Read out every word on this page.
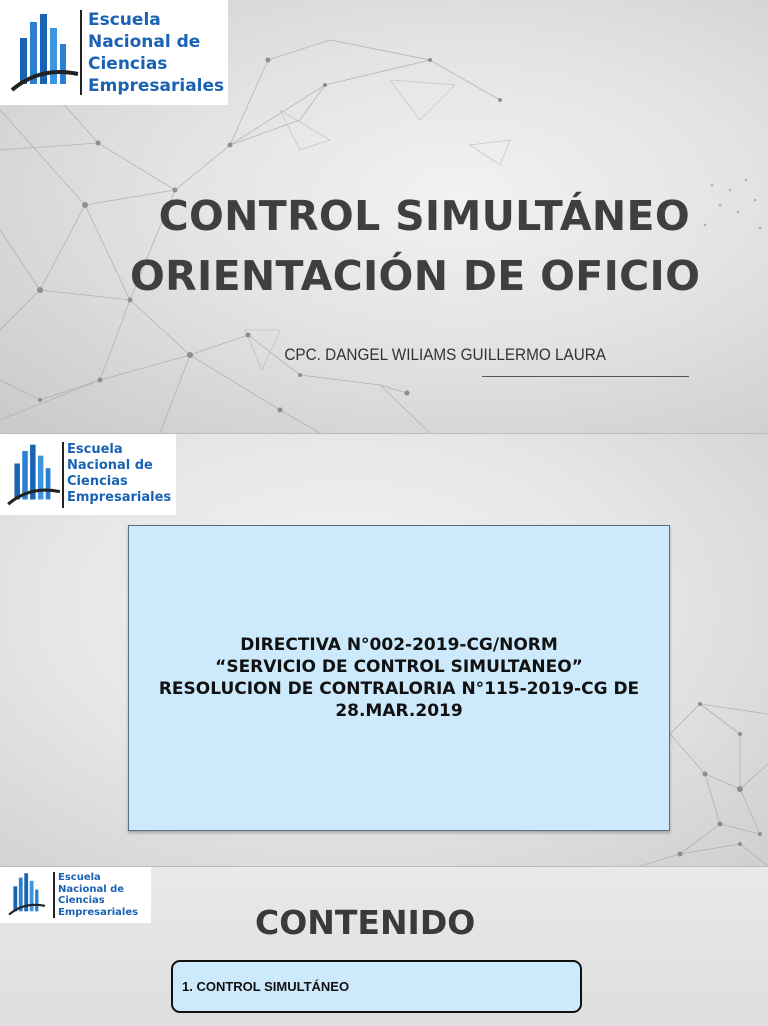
Escuela
Nacional de
Ciencias
Empresariales
CONTROL SIMULTÁNEO
ORIENTACIÓN DE OFICIO
CPC. DANGEL WILIAMS GUILLERMO LAURA
Escuela
Nacional de
Ciencias
Empresariales
DIRECTIVA N°002-2019-CG/NORM
“SERVICIO DE CONTROL SIMULTANEO”
RESOLUCION DE CONTRALORIA N°115-2019-CG DE
28.MAR.2019
Escuela
Nacional de
Ciencias
Empresariales	CONTENIDO
1. CONTROL SIMULTÁNEO
